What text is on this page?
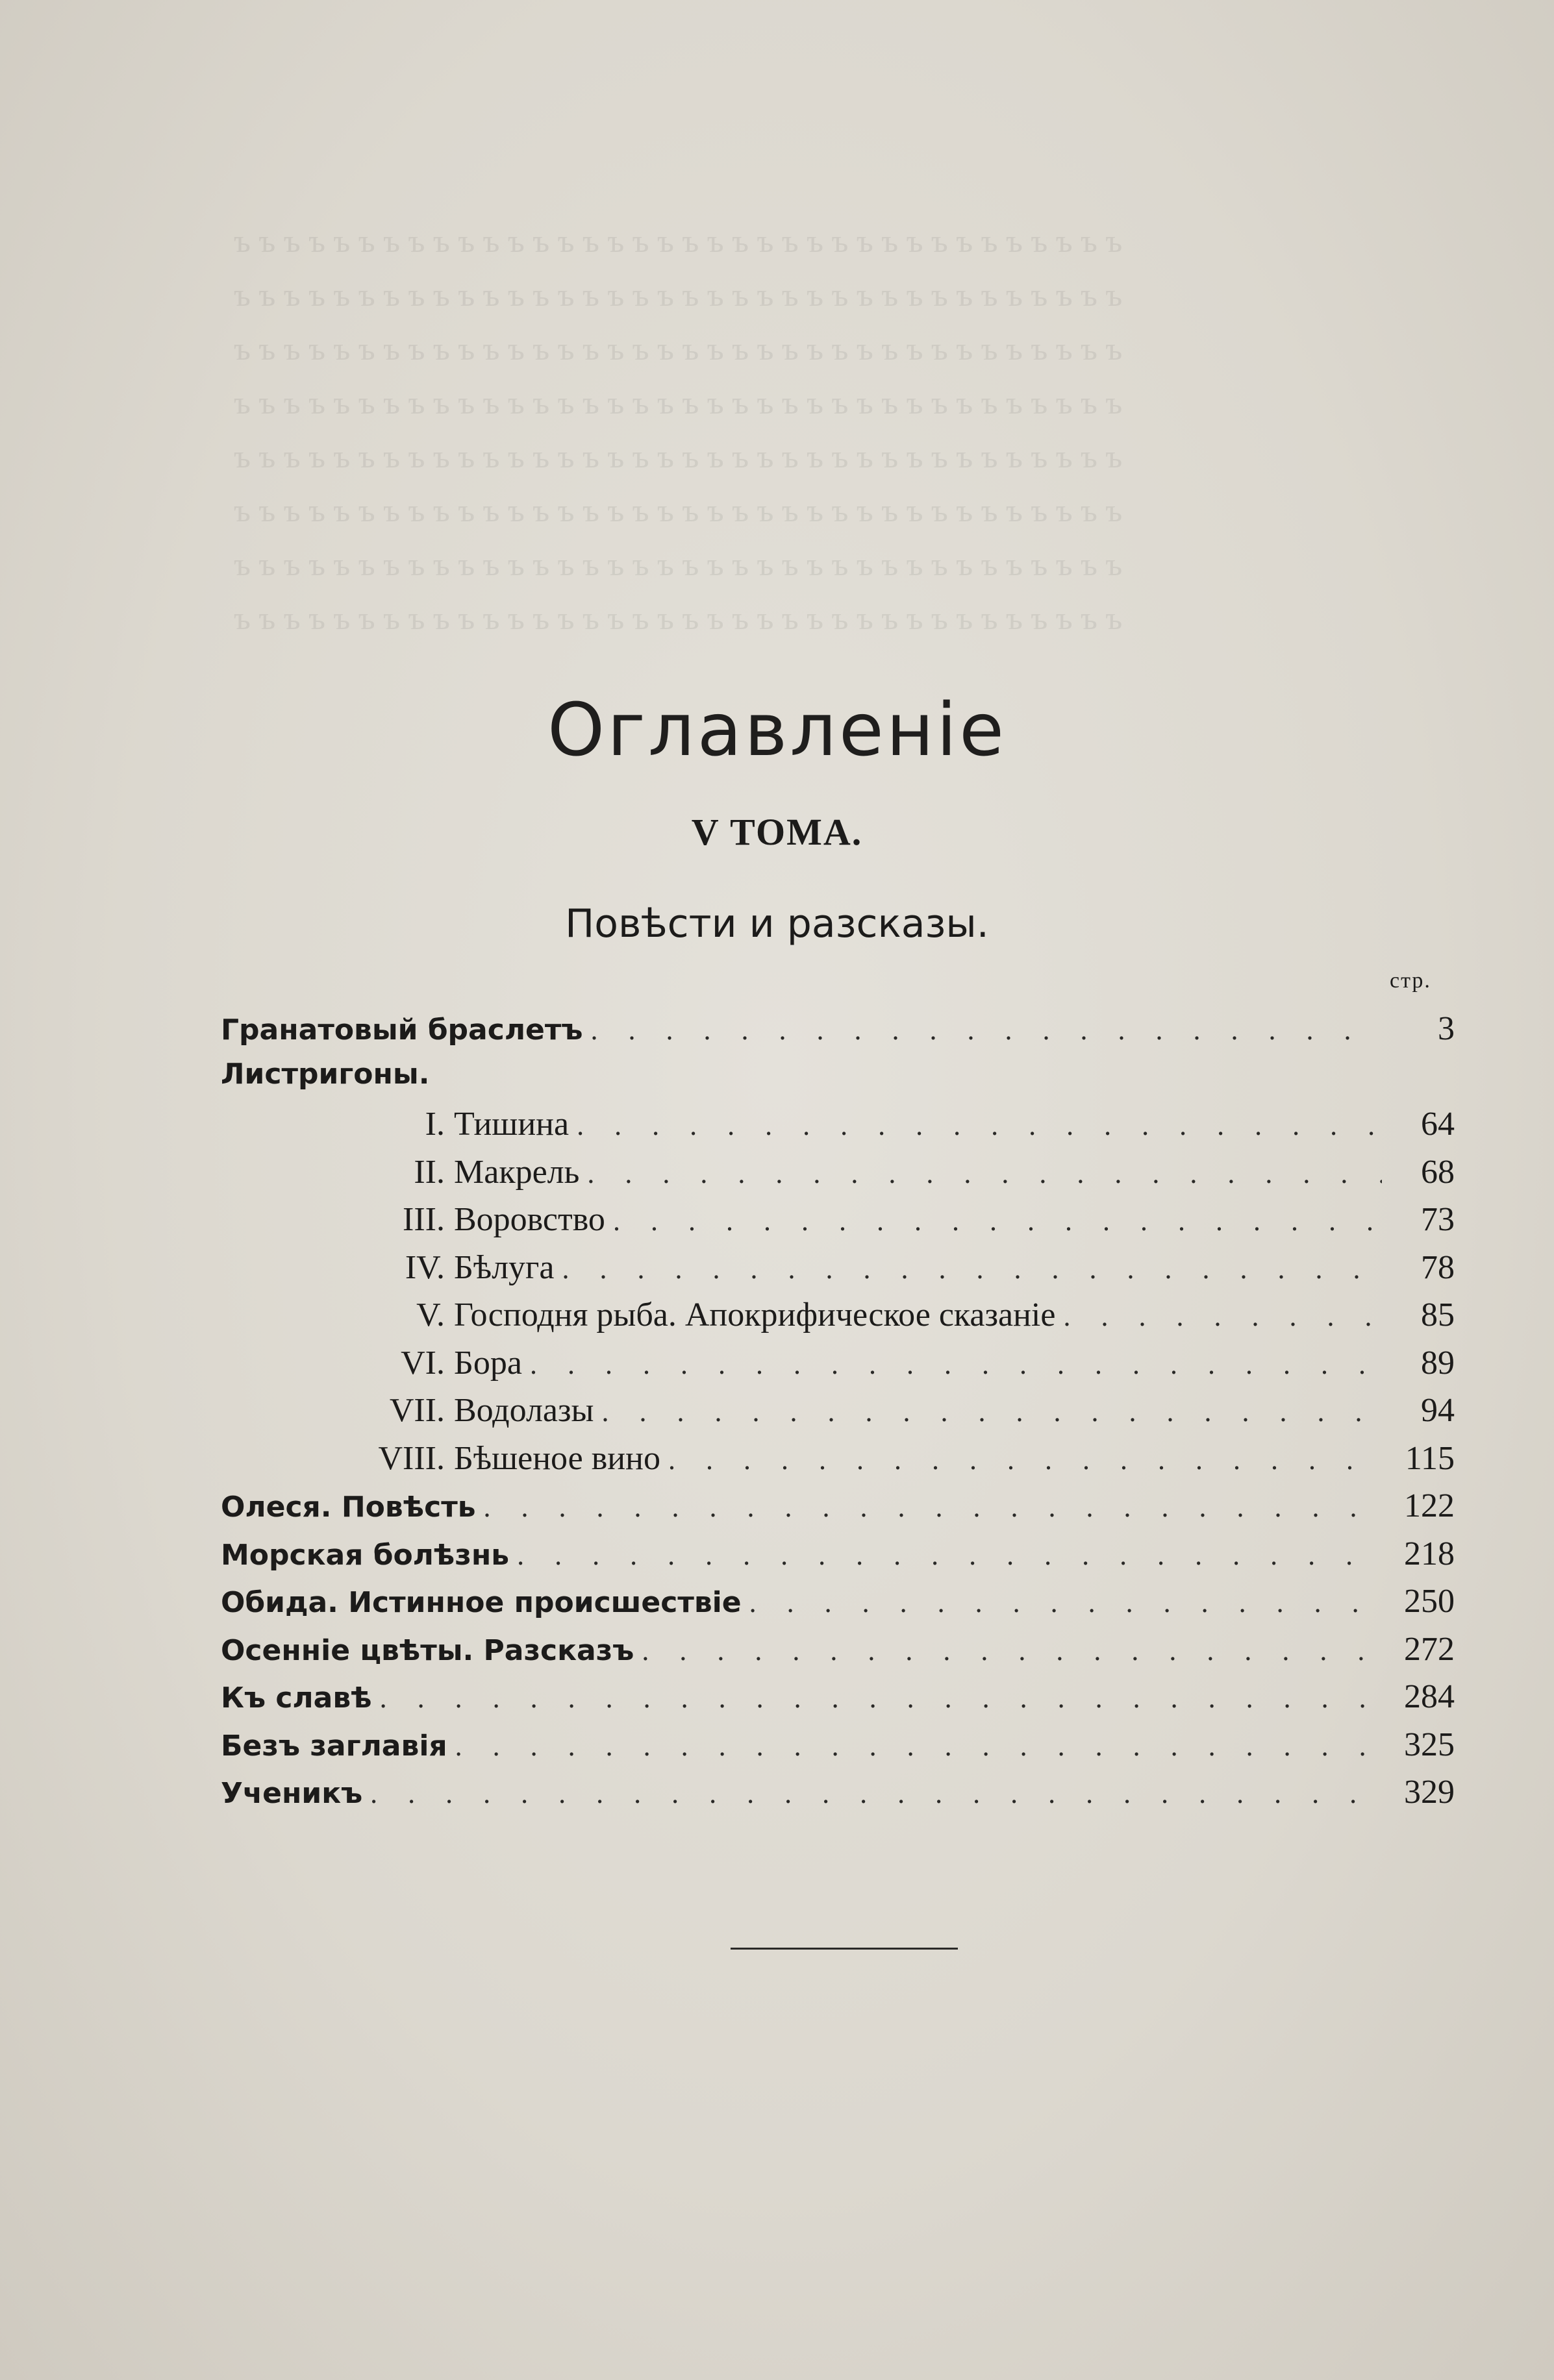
ъ ъ ъ ъ ъ ъ ъ ъ ъ ъ ъ ъ ъ ъ ъ ъ ъ ъ ъ ъ ъ ъ ъ ъ ъ ъ ъ ъ ъ ъ ъ ъ ъ ъ ъ ъ
ъ ъ ъ ъ ъ ъ ъ ъ ъ ъ ъ ъ ъ ъ ъ ъ ъ ъ ъ ъ ъ ъ ъ ъ ъ ъ ъ ъ ъ ъ ъ ъ ъ ъ ъ ъ
ъ ъ ъ ъ ъ ъ ъ ъ ъ ъ ъ ъ ъ ъ ъ ъ ъ ъ ъ ъ ъ ъ ъ ъ ъ ъ ъ ъ ъ ъ ъ ъ ъ ъ ъ ъ
ъ ъ ъ ъ ъ ъ ъ ъ ъ ъ ъ ъ ъ ъ ъ ъ ъ ъ ъ ъ ъ ъ ъ ъ ъ ъ ъ ъ ъ ъ ъ ъ ъ ъ ъ ъ
ъ ъ ъ ъ ъ ъ ъ ъ ъ ъ ъ ъ ъ ъ ъ ъ ъ ъ ъ ъ ъ ъ ъ ъ ъ ъ ъ ъ ъ ъ ъ ъ ъ ъ ъ ъ
ъ ъ ъ ъ ъ ъ ъ ъ ъ ъ ъ ъ ъ ъ ъ ъ ъ ъ ъ ъ ъ ъ ъ ъ ъ ъ ъ ъ ъ ъ ъ ъ ъ ъ ъ ъ
ъ ъ ъ ъ ъ ъ ъ ъ ъ ъ ъ ъ ъ ъ ъ ъ ъ ъ ъ ъ ъ ъ ъ ъ ъ ъ ъ ъ ъ ъ ъ ъ ъ ъ ъ ъ
ъ ъ ъ ъ ъ ъ ъ ъ ъ ъ ъ ъ ъ ъ ъ ъ ъ ъ ъ ъ ъ ъ ъ ъ ъ ъ ъ ъ ъ ъ ъ ъ ъ ъ ъ ъ
Оглавленіе
V ТОМА.
Повѣсти и разсказы.
стр.
Гранатовый браслетъ . . .	3
Листригоны.
I. Тишина . . .	64
II. Макрель . . .	68
III. Воровство . . .	73
IV. Бѣлуга . . .	78
V. Господня рыба. Апокрифическое сказаніе . . .	85
VI. Бора . . .	89
VII. Водолазы . . .	94
VIII. Бѣшеное вино . . .	115
Олеся. Повѣсть . . .	122
Морская болѣзнь . . .	218
Обида. Истинное происшествіе . . .	250
Осенніе цвѣты. Разсказъ . . .	272
Къ славѣ . . .	284
Безъ заглавія . . .	325
Ученикъ . . .	329
